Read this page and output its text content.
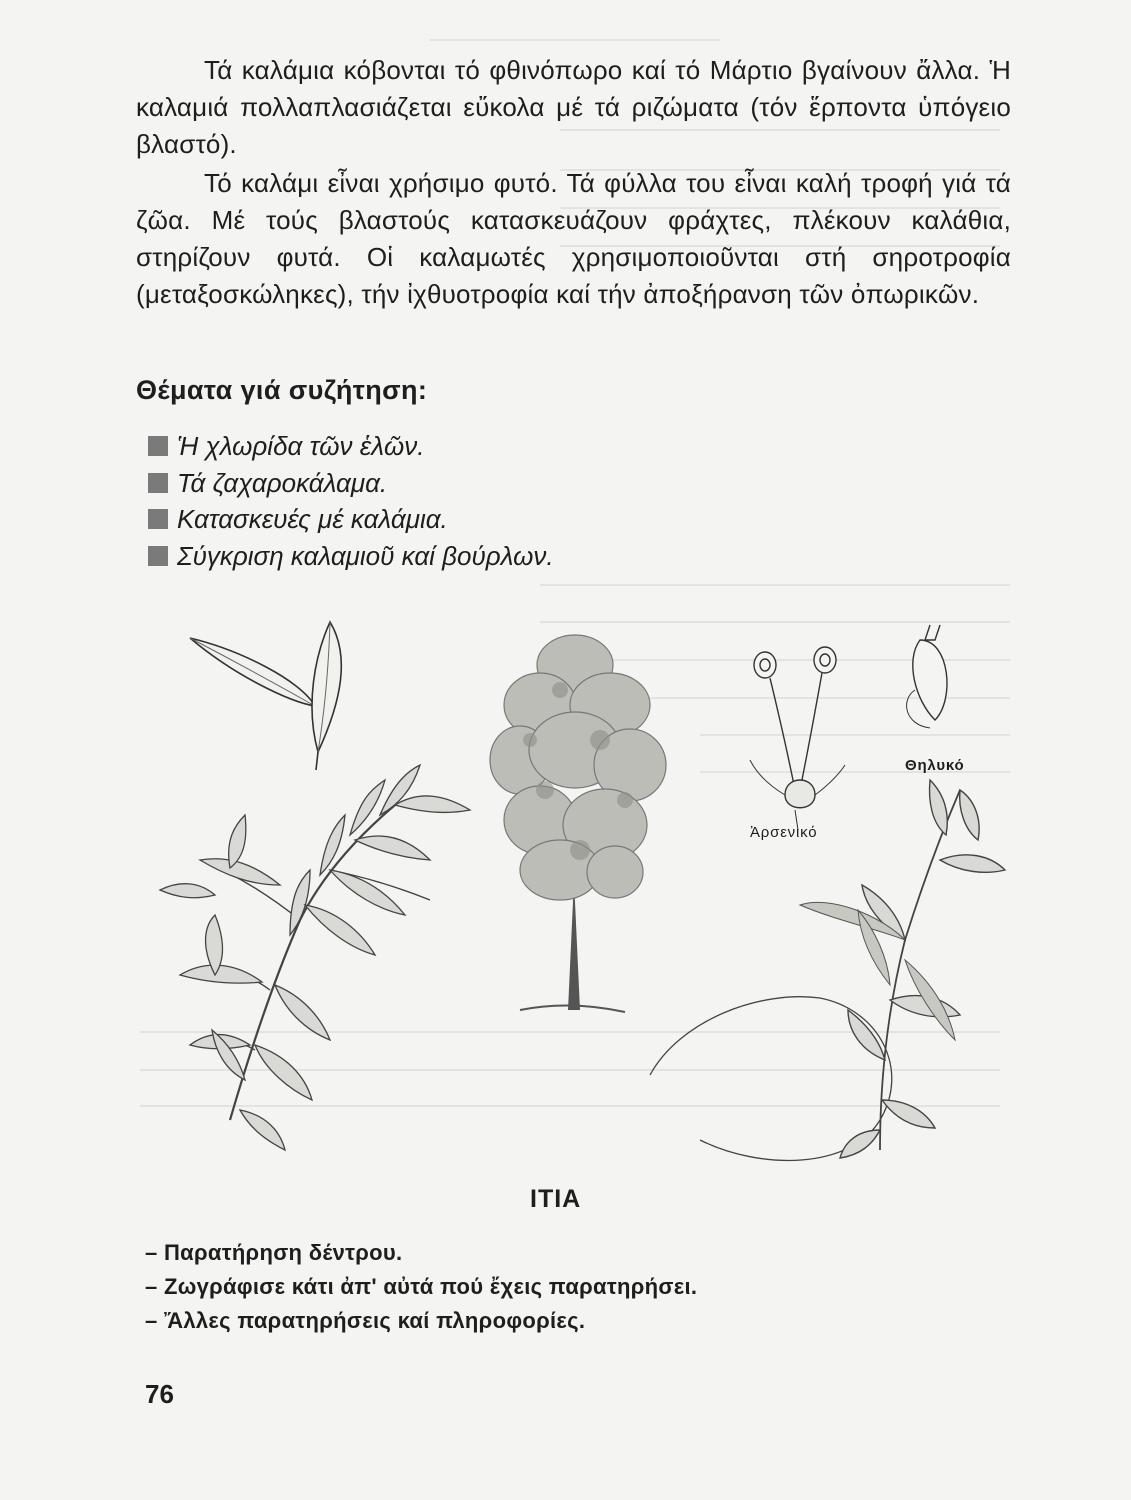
Τά καλάμια κόβονται τό φθινόπωρο καί τό Μάρτιο βγαίνουν ἄλλα. Ἡ καλαμιά πολλαπλασιάζεται εὔκολα μέ τά ριζώματα (τόν ἕρποντα ὑπόγειο βλαστό).

Τό καλάμι εἶναι χρήσιμο φυτό. Τά φύλλα του εἶναι καλή τροφή γιά τά ζῶα. Μέ τούς βλαστούς κατασκευάζουν φράχτες, πλέκουν καλάθια, στηρίζουν φυτά. Οἱ καλαμωτές χρησιμοποιοῦνται στή σηροτροφία (μεταξοσκώληκες), τήν ἰχθυοτροφία καί τήν ἀποξήρανση τῶν ὀπωρικῶν.

Θέματα γιά συζήτηση:
Ἡ χλωρίδα τῶν ἑλῶν.
Τά ζαχαροκάλαμα.
Κατασκευές μέ καλάμια.
Σύγκριση καλαμιοῦ καί βούρλων.
Θηλυκό
Ἀρσενικό
ΙΤΙΑ
– Παρατήρηση δέντρου.
– Ζωγράφισε κάτι ἀπ' αὐτά πού ἔχεις παρατηρήσει.
– Ἄλλες παρατηρήσεις καί πληροφορίες.
76
